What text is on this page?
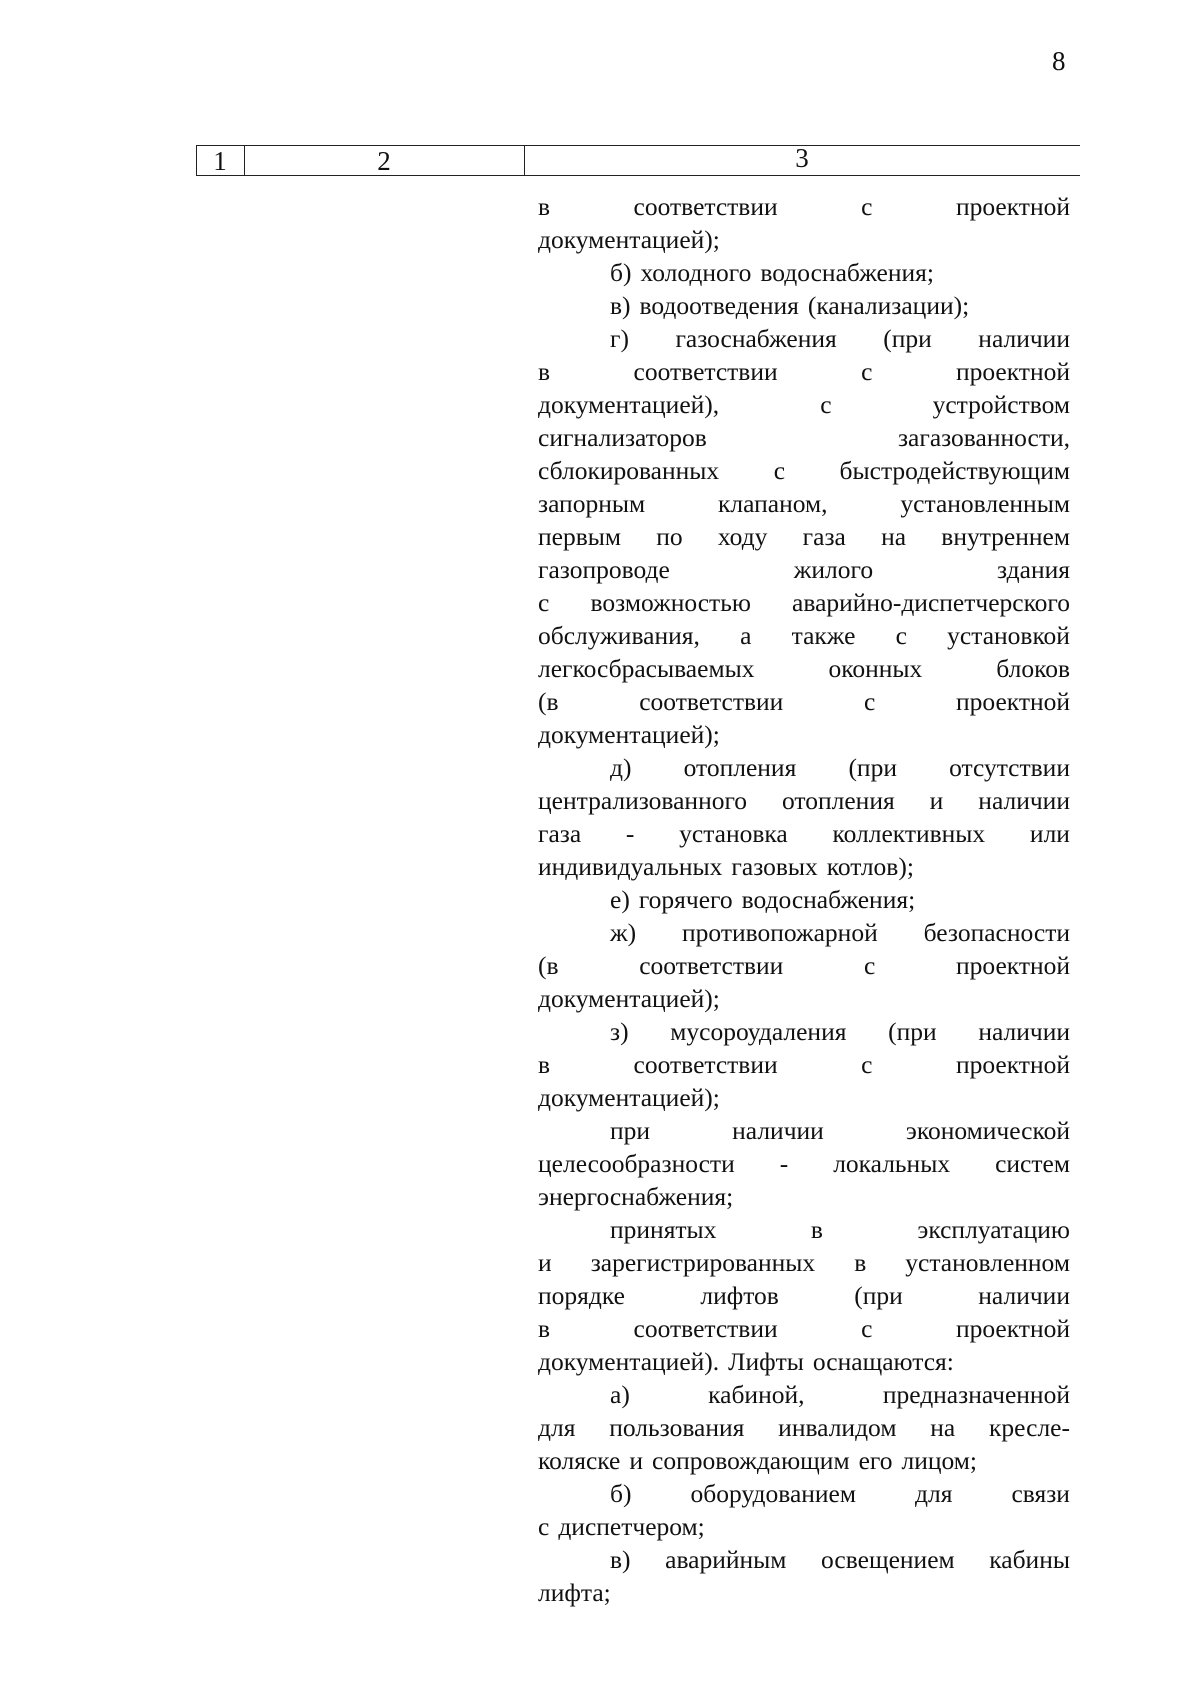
8
1	2	3
в	соответствии	с	проектной
документацией);
б) холодного водоснабжения;
в) водоотведения (канализации);
г) газоснабжения (при наличии
в	соответствии	с	проектной
документацией),	с	устройством
сигнализаторов	загазованности,
сблокированных с быстродействующим
запорным	клапаном,	установленным
первым по ходу газа на внутреннем
газопроводе	жилого	здания
с возможностью аварийно-диспетчерского
обслуживания, а также с установкой
легкосбрасываемых	оконных	блоков
(в	соответствии	с	проектной
документацией);
д) отопления (при отсутствии
централизованного отопления и наличии
газа - установка коллективных или
индивидуальных газовых котлов);
е) горячего водоснабжения;
ж) противопожарной безопасности
(в	соответствии	с	проектной
документацией);
з) мусороудаления (при наличии
в	соответствии	с	проектной
документацией);
при	наличии	экономической
целесообразности - локальных систем
энергоснабжения;
принятых	в	эксплуатацию
и зарегистрированных в установленном
порядке	лифтов	(при	наличии
в	соответствии	с	проектной
документацией). Лифты оснащаются:
а)	кабиной,	предназначенной
для пользования инвалидом на кресле-
коляске и сопровождающим его лицом;
б) оборудованием для связи
с диспетчером;
в) аварийным освещением кабины
лифта;
